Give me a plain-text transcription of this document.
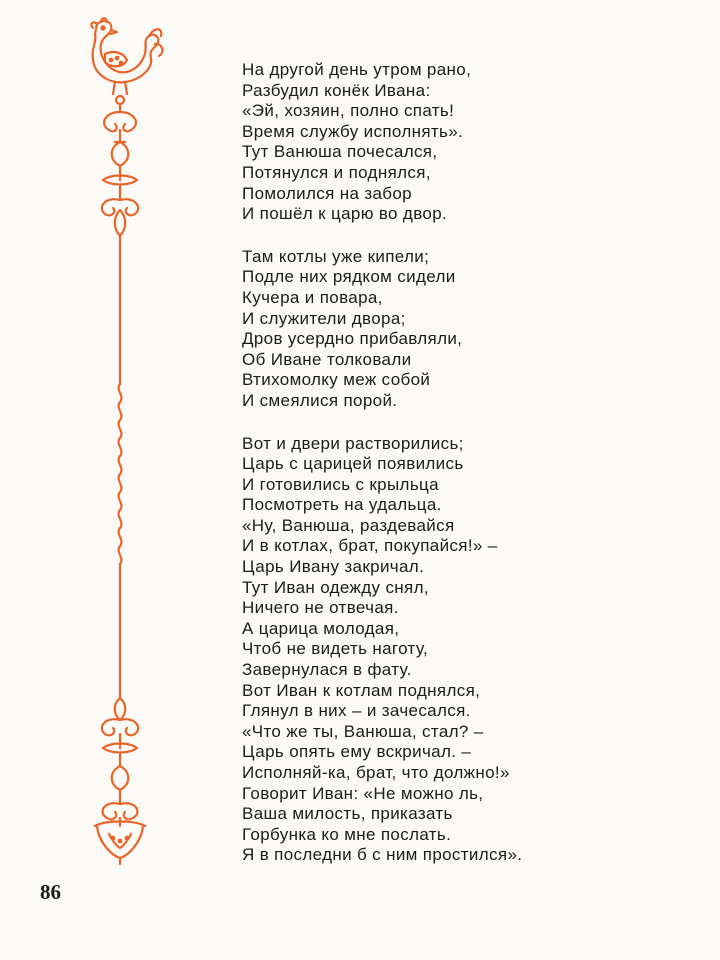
На другой день утром рано,
Разбудил конёк Ивана:
«Эй, хозяин, полно спать!
Время службу исполнять».
Тут Ванюша почесался,
Потянулся и поднялся,
Помолился на забор
И пошёл к царю во двор.
Там котлы уже кипели;
Подле них рядком сидели
Кучера и повара,
И служители двора;
Дров усердно прибавляли,
Об Иване толковали
Втихомолку меж собой
И смеялися порой.
Вот и двери растворились;
Царь с царицей появились
И готовились с крыльца
Посмотреть на удальца.
«Ну, Ванюша, раздевайся
И в котлах, брат, покупайся!» –
Царь Ивану закричал.
Тут Иван одежду снял,
Ничего не отвечая.
А царица молодая,
Чтоб не видеть наготу,
Завернулася в фату.
Вот Иван к котлам поднялся,
Глянул в них – и зачесался.
«Что же ты, Ванюша, стал? –
Царь опять ему вскричал. –
Исполняй-ка, брат, что должно!»
Говорит Иван: «Не можно ль,
Ваша милость, приказать
Горбунка ко мне послать.
Я в последни б с ним простился».
86
